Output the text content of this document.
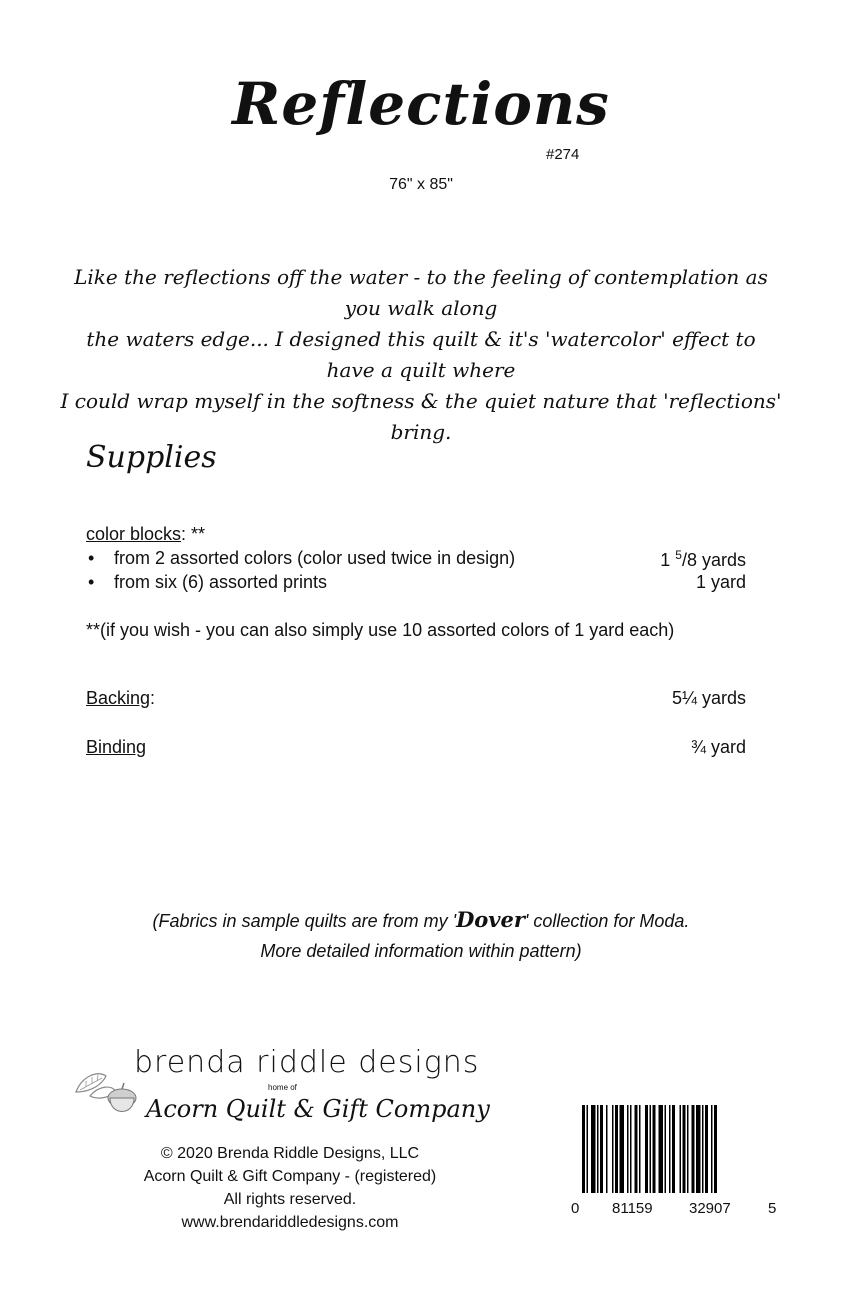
Reflections
#274
76" x 85"
Like the reflections off the water - to the feeling of contemplation as you walk along
the waters edge... I designed this quilt & it's 'watercolor' effect to have a quilt where
I could wrap myself in the softness & the quiet nature that 'reflections' bring.
Supplies
color blocks: **
• from 2 assorted colors (color used twice in design)	1 $^5$/8 yards
• from six (6) assorted prints	1 yard
**(if you wish - you can also simply use 10 assorted colors of 1 yard each)
Backing:	5¼ yards
Binding	¾ yard
(Fabrics in sample quilts are from my 'Dover' collection for Moda.
More detailed information within pattern)
brenda riddle designs
home of
Acorn Quilt & Gift Company
© 2020 Brenda Riddle Designs, LLC
Acorn Quilt & Gift Company - (registered)
All rights reserved.
www.brendariddledesigns.com
0 81159 32907 5
